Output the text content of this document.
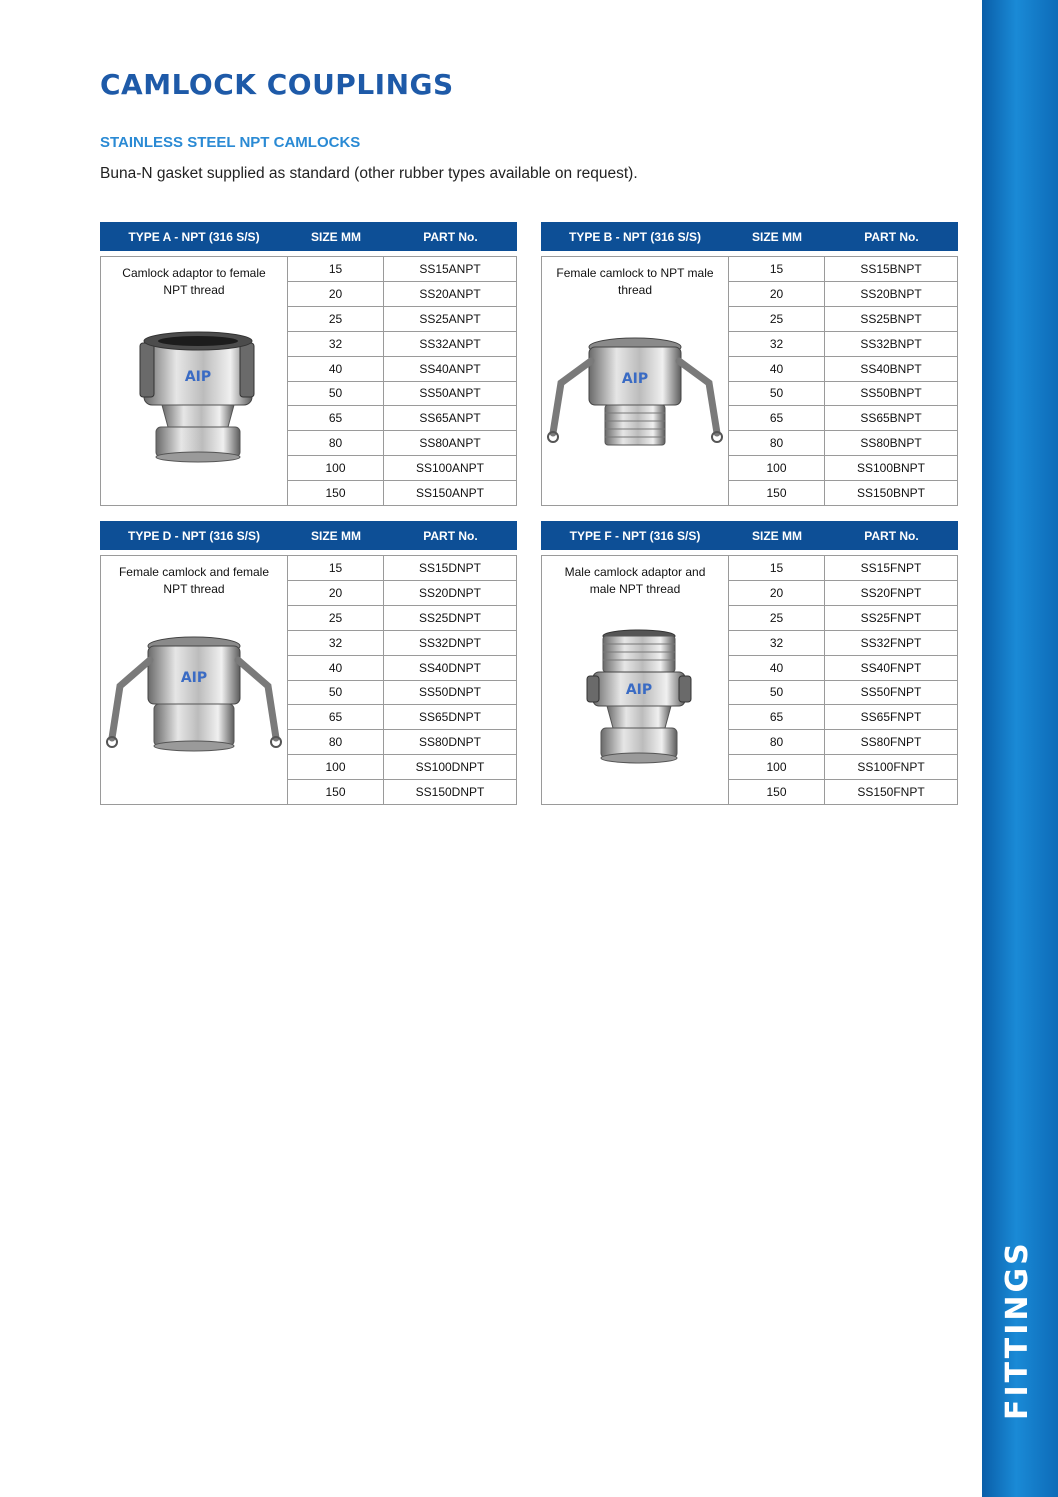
FITTINGS
CAMLOCK COUPLINGS
STAINLESS STEEL NPT CAMLOCKS

Buna-N gasket supplied as standard (other rubber types available on request).

TYPE A - NPT (316 S/S)	SIZE MM	PART No.
Camlock adaptor to female NPT thread
AIP
15	SS15ANPT
20	SS20ANPT
25	SS25ANPT
32	SS32ANPT
40	SS40ANPT
50	SS50ANPT
65	SS65ANPT
80	SS80ANPT
100	SS100ANPT
150	SS150ANPT
TYPE B - NPT (316 S/S)	SIZE MM	PART No.
Female camlock to NPT male thread
AIP
15	SS15BNPT
20	SS20BNPT
25	SS25BNPT
32	SS32BNPT
40	SS40BNPT
50	SS50BNPT
65	SS65BNPT
80	SS80BNPT
100	SS100BNPT
150	SS150BNPT
TYPE D - NPT (316 S/S)	SIZE MM	PART No.
Female camlock and female NPT thread
AIP
15	SS15DNPT
20	SS20DNPT
25	SS25DNPT
32	SS32DNPT
40	SS40DNPT
50	SS50DNPT
65	SS65DNPT
80	SS80DNPT
100	SS100DNPT
150	SS150DNPT
TYPE F - NPT (316 S/S)	SIZE MM	PART No.
Male camlock adaptor and male NPT thread
AIP
15	SS15FNPT
20	SS20FNPT
25	SS25FNPT
32	SS32FNPT
40	SS40FNPT
50	SS50FNPT
65	SS65FNPT
80	SS80FNPT
100	SS100FNPT
150	SS150FNPT
